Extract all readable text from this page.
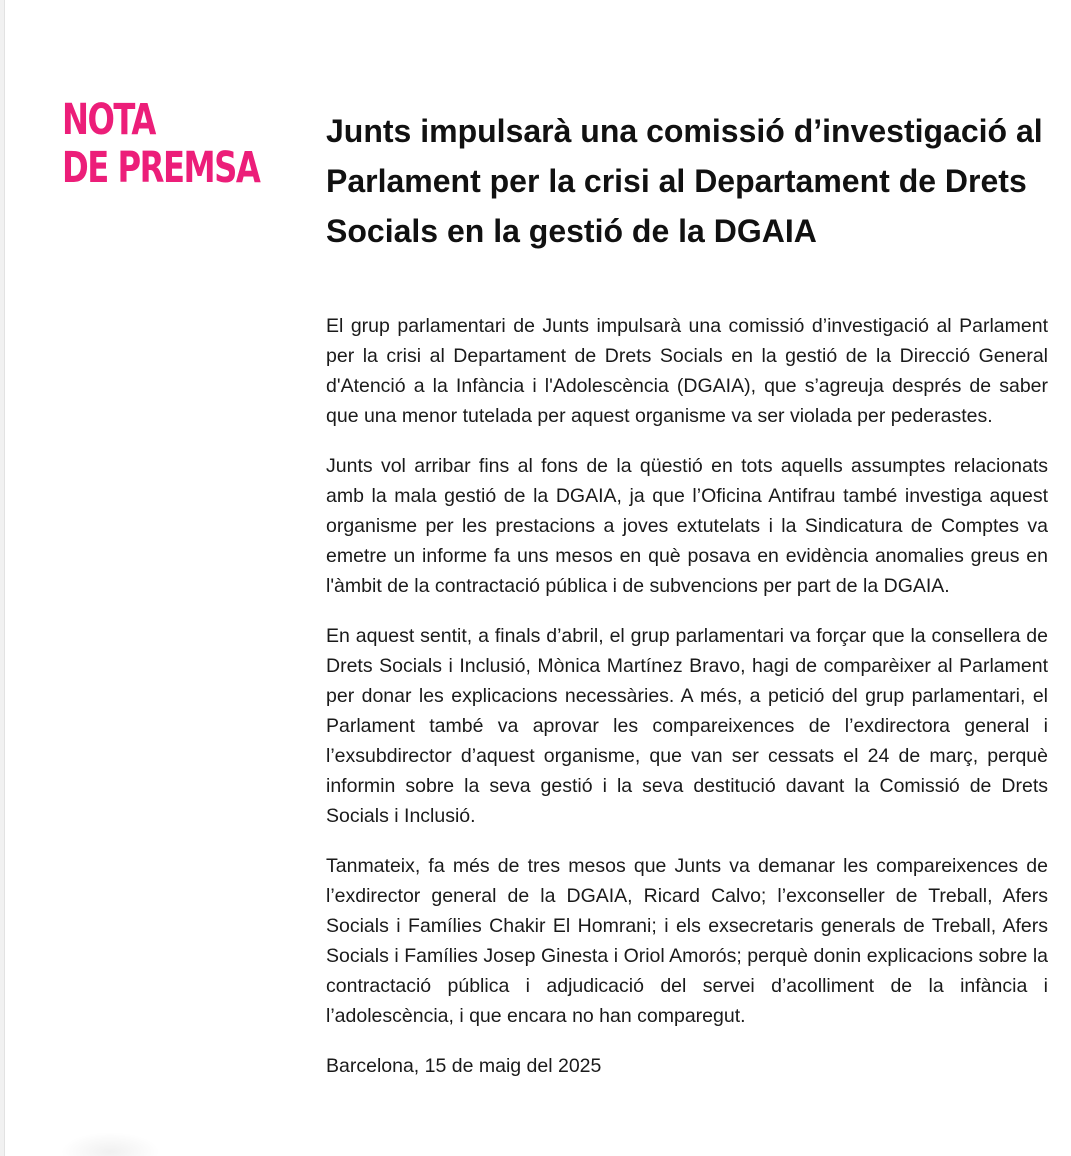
NOTA
DE PREMSA
Junts impulsarà una comissió d’investigació al Parlament per la crisi al Departament de Drets Socials en la gestió de la DGAIA

El grup parlamentari de Junts impulsarà una comissió d’investigació al Parlament per la crisi al Departament de Drets Socials en la gestió de la Direcció General d'Atenció a la Infància i l'Adolescència (DGAIA), que s’agreuja després de saber que una menor tutelada per aquest organisme va ser violada per pederastes.

Junts vol arribar fins al fons de la qüestió en tots aquells assumptes relacionats amb la mala gestió de la DGAIA, ja que l’Oficina Antifrau també investiga aquest organisme per les prestacions a joves extutelats i la Sindicatura de Comptes va emetre un informe fa uns mesos en què posava en evidència anomalies greus en l'àmbit de la contractació pública i de subvencions per part de la DGAIA.

En aquest sentit, a finals d’abril, el grup parlamentari va forçar que la consellera de Drets Socials i Inclusió, Mònica Martínez Bravo, hagi de comparèixer al Parlament per donar les explicacions necessàries. A més, a petició del grup parlamentari, el Parlament també va aprovar les compareixences de l’exdirectora general i l’exsubdirector d’aquest organisme, que van ser cessats el 24 de març, perquè informin sobre la seva gestió i la seva destitució davant la Comissió de Drets Socials i Inclusió.

Tanmateix, fa més de tres mesos que Junts va demanar les compareixences de l’exdirector general de la DGAIA, Ricard Calvo; l’exconseller de Treball, Afers Socials i Famílies Chakir El Homrani; i els exsecretaris generals de Treball, Afers Socials i Famílies Josep Ginesta i Oriol Amorós; perquè donin explicacions sobre la contractació pública i adjudicació del servei d’acolliment de la infància i l’adolescència, i que encara no han comparegut.

Barcelona, 15 de maig del 2025
